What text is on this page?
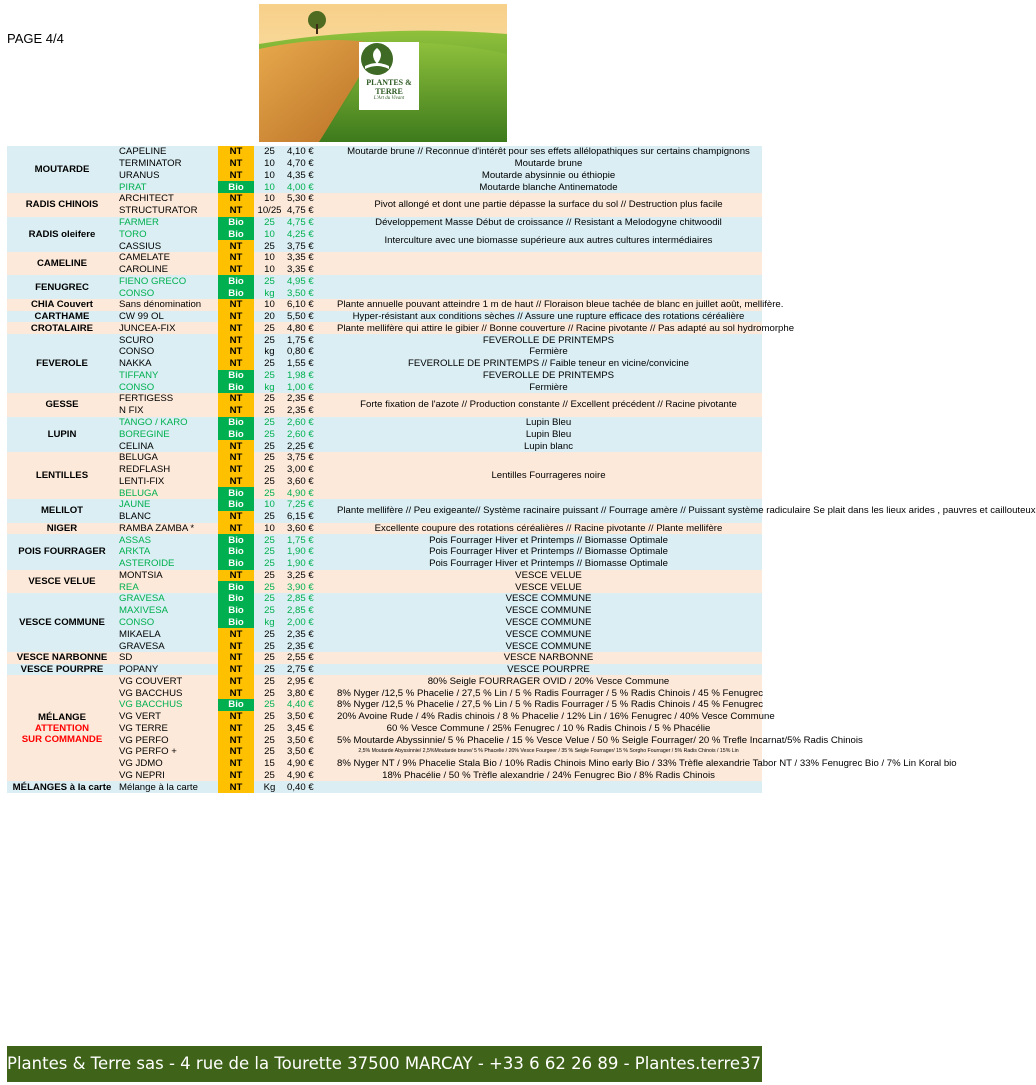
PAGE 4/4
PLANTES & TERRE
L'Art du Vivant
MOUTARDE	CAPELINE	NT	25	4,10 €	Moutarde brune // Reconnue d'intérêt pour ses effets allélopathiques sur certains champignons
	TERMINATOR	NT	10	4,70 €	Moutarde brune
	URANUS	NT	10	4,35 €	Moutarde abysinnie ou éthiopie
	PIRAT	Bio	10	4,00 €	Moutarde blanche Antinematode
RADIS CHINOIS	ARCHITECT	NT	10	5,30 €	Pivot allongé et dont une partie dépasse la surface du sol // Destruction plus facile
	STRUCTURATOR	NT	10/25	4,75 €	
RADIS oleifere	FARMER	Bio	25	4,75 €	Développement Masse Début de croissance // Resistant a Melodogyne chitwoodil
	TORO	Bio	10	4,25 €	Interculture avec une biomasse supérieure aux autres cultures intermédiaires
	CASSIUS	NT	25	3,75 €	
CAMELINE	CAMELATE	NT	10	3,35 €	
	CAROLINE	NT	10	3,35 €	
FENUGREC	FIENO GRECO	Bio	25	4,95 €	
	CONSO	Bio	kg	3,50 €	
CHIA Couvert	Sans dénomination	NT	10	6,10 €	Plante annuelle pouvant atteindre 1 m de haut // Floraison bleue tachée de blanc en juillet août, mellifère.
CARTHAME	CW 99 OL	NT	20	5,50 €	Hyper-résistant aux conditions sèches // Assure une rupture efficace des rotations céréalière
CROTALAIRE	JUNCEA-FIX	NT	25	4,80 €	Plante mellifère qui attire le gibier // Bonne couverture // Racine pivotante // Pas adapté au sol hydromorphe
FEVEROLE	SCURO	NT	25	1,75 €	FEVEROLLE DE PRINTEMPS
	CONSO	NT	kg	0,80 €	Fermière
	NAKKA	NT	25	1,55 €	FEVEROLLE DE PRINTEMPS // Faible teneur en vicine/convicine
	TIFFANY	Bio	25	1,98 €	FEVEROLLE DE PRINTEMPS
	CONSO	Bio	kg	1,00 €	Fermière
GESSE	FERTIGESS	NT	25	2,35 €	Forte fixation de l'azote // Production constante // Excellent précédent // Racine pivotante
	N FIX	NT	25	2,35 €	
LUPIN	TANGO / KARO	Bio	25	2,60 €	Lupin Bleu
	BOREGINE	Bio	25	2,60 €	Lupin Bleu
	CELINA	NT	25	2,25 €	Lupin blanc
LENTILLES	BELUGA	NT	25	3,75 €	Lentilles Fourrageres noire
	REDFLASH	NT	25	3,00 €	
	LENTI-FIX	NT	25	3,60 €	
	BELUGA	Bio	25	4,90 €	
MELILOT	JAUNE	Bio	10	7,25 €	Plante mellifère // Peu exigeante// Système racinaire puissant // Fourrage amère // Puissant système radiculaire Se plait dans les lieux arides , pauvres et caillouteux
	BLANC	NT	25	6,15 €	
NIGER	RAMBA ZAMBA *	NT	10	3,60 €	Excellente coupure des rotations céréalières // Racine pivotante // Plante mellifère
POIS FOURRAGER	ASSAS	Bio	25	1,75 €	Pois Fourrager Hiver et Printemps // Biomasse Optimale
	ARKTA	Bio	25	1,90 €	Pois Fourrager Hiver et Printemps // Biomasse Optimale
	ASTEROIDE	Bio	25	1,90 €	Pois Fourrager Hiver et Printemps // Biomasse Optimale
VESCE VELUE	MONTSIA	NT	25	3,25 €	VESCE VELUE
	REA	Bio	25	3,90 €	VESCE VELUE
VESCE COMMUNE	GRAVESA	Bio	25	2,85 €	VESCE COMMUNE
	MAXIVESA	Bio	25	2,85 €	VESCE COMMUNE
	CONSO	Bio	kg	2,00 €	VESCE COMMUNE
	MIKAELA	NT	25	2,35 €	VESCE COMMUNE
	GRAVESA	NT	25	2,35 €	VESCE COMMUNE
VESCE NARBONNE	SD	NT	25	2,55 €	VESCE NARBONNE
VESCE POURPRE	POPANY	NT	25	2,75 €	VESCE POURPRE

MÉLANGE
ATTENTION
SUR COMMANDE	VG COUVERT	NT	25	2,95 €	80% Seigle FOURRAGER OVID / 20% Vesce Commune
	VG BACCHUS	NT	25	3,80 €	8% Nyger /12,5 % Phacelie / 27,5 % Lin / 5 % Radis Fourrager / 5 % Radis Chinois / 45 % Fenugrec
	VG BACCHUS	Bio	25	4,40 €	8% Nyger /12,5 % Phacelie / 27,5 % Lin / 5 % Radis Fourrager / 5 % Radis Chinois / 45 % Fenugrec
	VG VERT	NT	25	3,50 €	20% Avoine Rude / 4% Radis chinois / 8 % Phacelie / 12% Lin / 16% Fenugrec / 40% Vesce Commune
	VG TERRE	NT	25	3,45 €	60 % Vesce Commune / 25% Fenugrec / 10 % Radis Chinois / 5 % Phacélie
	VG PERFO	NT	25	3,50 €	5% Moutarde Abyssinnie/ 5 % Phacelie / 15 % Vesce Velue / 50 % Seigle Fourrager/ 20 % Trefle Incarnat/5% Radis Chinois
	VG PERFO +	NT	25	3,50 €	2,5% Moutarde Abyssinnie/ 2,5%Moutarde brune/ 5 % Phacelie / 20% Vesce Fourgeer / 35 % Seigle Fourrager/ 15 % Sorgho Fourrager / 5% Radis Chinois / 15% Lin
	VG JDMO	NT	15	4,90 €	8% Nyger NT / 9% Phacelie Stala Bio / 10% Radis Chinois Mino early Bio / 33% Trèfle alexandrie Tabor NT / 33% Fenugrec Bio / 7% Lin Koral bio
	VG NEPRI	NT	25	4,90 €	18% Phacélie / 50 % Trèfle alexandrie / 24% Fenugrec Bio / 8% Radis Chinois
MÉLANGES à la carte	Mélange à la carte	NT	Kg	0,40 €	
Plantes & Terre sas - 4 rue de la Tourette 37500 MARCAY - +33 6 62 26 89 - Plantes.terre37@gmail.com
